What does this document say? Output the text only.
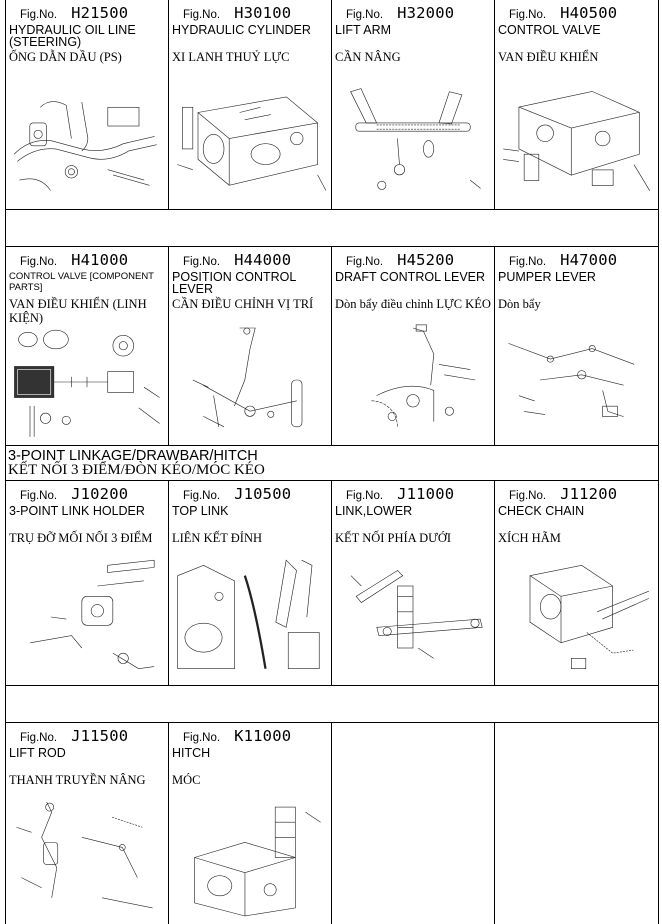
Fig.No. H21500
HYDRAULIC OIL LINE (STEERING)
ỐNG DẪN DẦU (PS)
Fig.No. H30100
HYDRAULIC CYLINDER
XI LANH THUỶ LỰC
Fig.No. H32000
LIFT ARM
CẦN NÂNG
Fig.No. H40500
CONTROL VALVE
VAN ĐIỀU KHIỂN
Fig.No. H41000
CONTROL VALVE [COMPONENT PARTS]
VAN ĐIỀU KHIỂN (LINH KIỆN)
Fig.No. H44000
POSITION CONTROL LEVER
CẦN ĐIỀU CHỈNH VỊ TRÍ
Fig.No. H45200
DRAFT CONTROL LEVER
Dòn bẩy điều chỉnh LỰC KÉO
Fig.No. H47000
PUMPER LEVER
Dòn bẩy
3-POINT LINKAGE/DRAWBAR/HITCH
KẾT NỐI 3 ĐIỂM/ĐÒN KÉO/MÓC KÉO
Fig.No. J10200
3-POINT LINK HOLDER
TRỤ ĐỠ MỐI NỐI 3 ĐIỂM
Fig.No. J10500
TOP LINK
LIÊN KẾT ĐỈNH
Fig.No. J11000
LINK,LOWER
KẾT NỐI PHÍA DƯỚI
Fig.No. J11200
CHECK CHAIN
XÍCH HÃM
Fig.No. J11500
LIFT ROD
THANH TRUYỀN NÂNG
Fig.No. K11000
HITCH
MÓC
